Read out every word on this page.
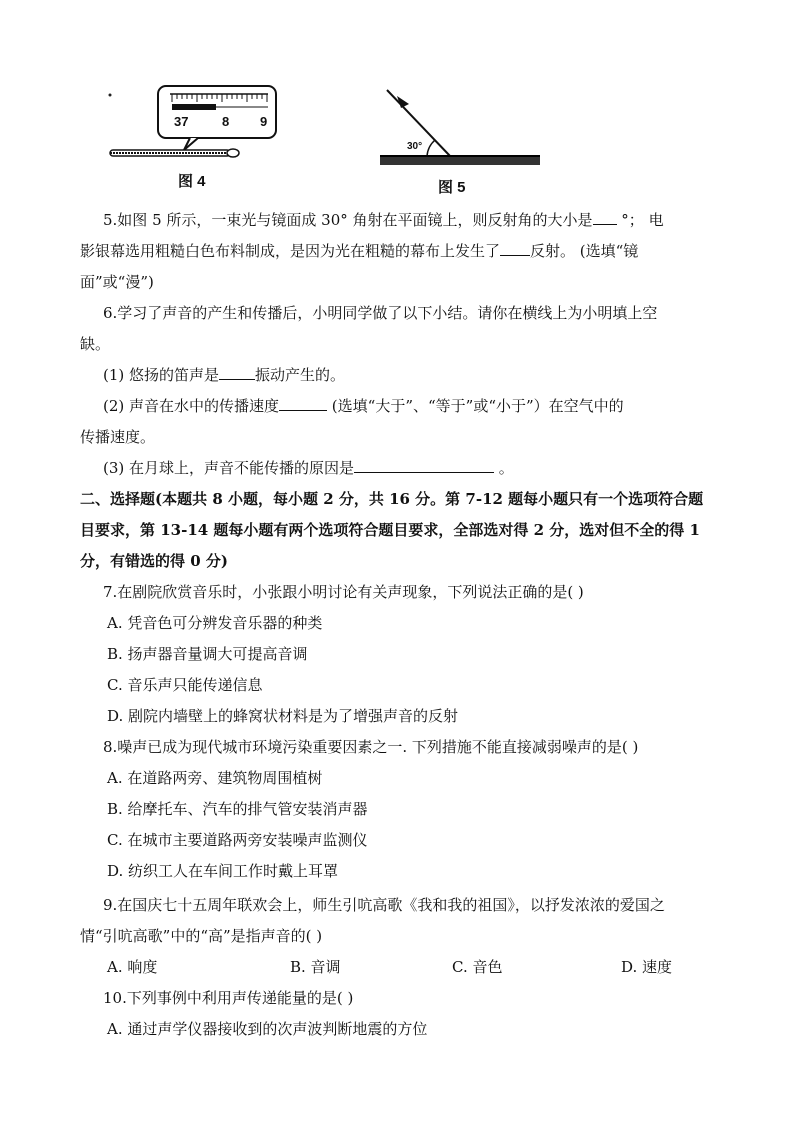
37	8 9
图 4
30°
图 5
5.如图 5 所示，一束光与镜面成 30° 角射在平面镜上，则反射角的大小是 °； 电
影银幕选用粗糙白色布料制成，是因为光在粗糙的幕布上发生了 反射。 (选填“镜
面”或“漫”)
6.学习了声音的产生和传播后，小明同学做了以下小结。请你在横线上为小明填上空
缺。
(1) 悠扬的笛声是 振动产生的。
(2) 声音在水中的传播速度	(选填“大于”、“等于”或“小于”）在空气中的
传播速度。
(3) 在月球上，声音不能传播的原因是	。
二、选择题(本题共 8 小题，每小题 2 分，共 16 分。第 7-12 题每小题只有一个选项符合题
目要求，第 13-14 题每小题有两个选项符合题目要求，全部选对得 2 分，选对但不全的得 1
分，有错选的得 0 分)
7.在剧院欣赏音乐时，小张跟小明讨论有关声现象，下列说法正确的是( )
A. 凭音色可分辨发音乐器的种类
B. 扬声器音量调大可提高音调
C. 音乐声只能传递信息
D. 剧院内墙壁上的蜂窝状材料是为了增强声音的反射
8.噪声已成为现代城市环境污染重要因素之一. 下列措施不能直接减弱噪声的是( )
A. 在道路两旁、建筑物周围植树
B. 给摩托车、汽车的排气管安装消声器
C. 在城市主要道路两旁安装噪声监测仪
D. 纺织工人在车间工作时戴上耳罩
9.在国庆七十五周年联欢会上，师生引吭高歌《我和我的祖国》，以抒发浓浓的爱国之
情“引吭高歌”中的“高”是指声音的( )
A. 响度	B. 音调	C. 音色	D. 速度
10.下列事例中利用声传递能量的是( )
A. 通过声学仪器接收到的次声波判断地震的方位
